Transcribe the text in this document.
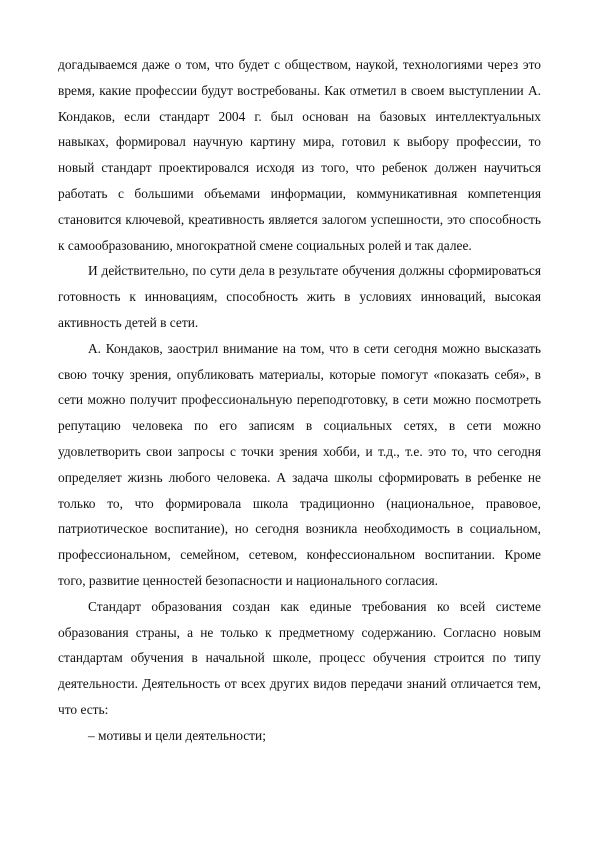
догадываемся даже о том, что будет с обществом, наукой, технологиями через это время, какие профессии будут востребованы. Как отметил в своем выступлении А. Кондаков, если стандарт 2004 г. был основан на базовых интеллектуальных навыках, формировал научную картину мира, готовил к выбору профессии, то новый стандарт проектировался исходя из того, что ребенок должен научиться работать с большими объемами информации, коммуникативная компетенция становится ключевой, креативность является залогом успешности, это способность к самообразованию, многократной смене социальных ролей и так далее.

И действительно, по сути дела в результате обучения должны сформироваться готовность к инновациям, способность жить в условиях инноваций, высокая активность детей в сети.

А. Кондаков, заострил внимание на том, что в сети сегодня можно высказать свою точку зрения, опубликовать материалы, которые помогут «показать себя», в сети можно получит профессиональную переподготовку, в сети можно посмотреть репутацию человека по его записям в социальных сетях, в сети можно удовлетворить свои запросы с точки зрения хобби, и т.д., т.е. это то, что сегодня определяет жизнь любого человека. А задача школы сформировать в ребенке не только то, что формировала школа традиционно (национальное, правовое, патриотическое воспитание), но сегодня возникла необходимость в социальном, профессиональном, семейном, сетевом, конфессиональном воспитании. Кроме того, развитие ценностей безопасности и национального согласия.

Стандарт образования создан как единые требования ко всей системе образования страны, а не только к предметному содержанию. Согласно новым стандартам обучения в начальной школе, процесс обучения строится по типу деятельности. Деятельность от всех других видов передачи знаний отличается тем, что есть:

– мотивы и цели деятельности;
